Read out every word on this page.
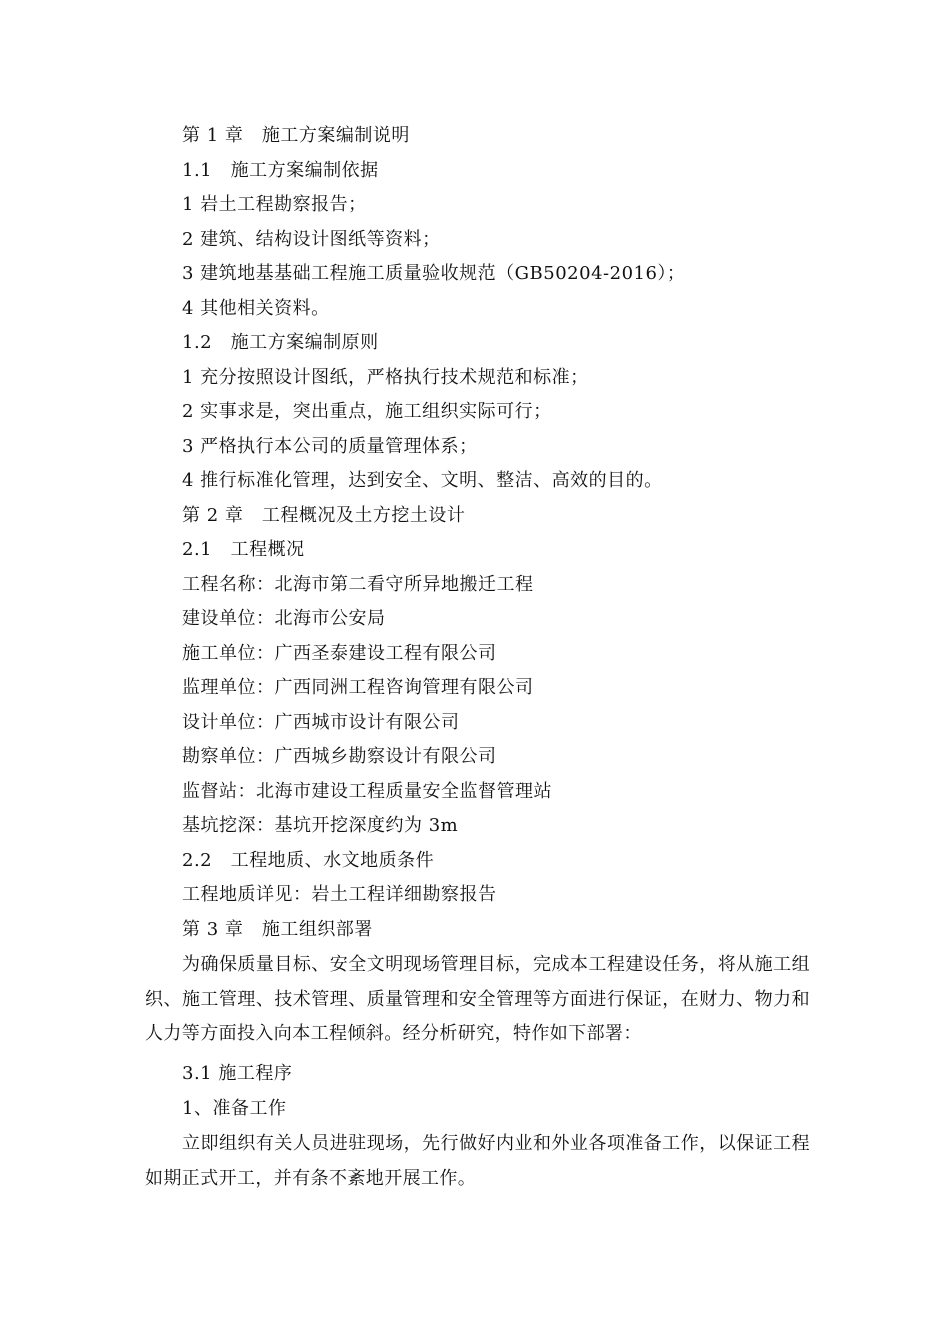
第 1 章　施工方案编制说明
1.1　施工方案编制依据
1 岩土工程勘察报告；
2 建筑、结构设计图纸等资料；
3 建筑地基基础工程施工质量验收规范（GB50204-2016）；
4 其他相关资料。
1.2　施工方案编制原则
1 充分按照设计图纸，严格执行技术规范和标准；
2 实事求是，突出重点，施工组织实际可行；
3 严格执行本公司的质量管理体系；
4 推行标准化管理，达到安全、文明、整洁、高效的目的。
第 2 章　工程概况及土方挖土设计
2.1　工程概况
工程名称：北海市第二看守所异地搬迁工程
建设单位：北海市公安局
施工单位：广西圣泰建设工程有限公司
监理单位：广西同洲工程咨询管理有限公司
设计单位：广西城市设计有限公司
勘察单位：广西城乡勘察设计有限公司
监督站：北海市建设工程质量安全监督管理站
基坑挖深：基坑开挖深度约为 3m
2.2　工程地质、水文地质条件
工程地质详见：岩土工程详细勘察报告
第 3 章　施工组织部署
为确保质量目标、安全文明现场管理目标，完成本工程建设任务，将从施工组织、施工管理、技术管理、质量管理和安全管理等方面进行保证，在财力、物力和人力等方面投入向本工程倾斜。经分析研究，特作如下部署：
3.1 施工程序
1、准备工作
立即组织有关人员进驻现场，先行做好内业和外业各项准备工作，以保证工程如期正式开工，并有条不紊地开展工作。
